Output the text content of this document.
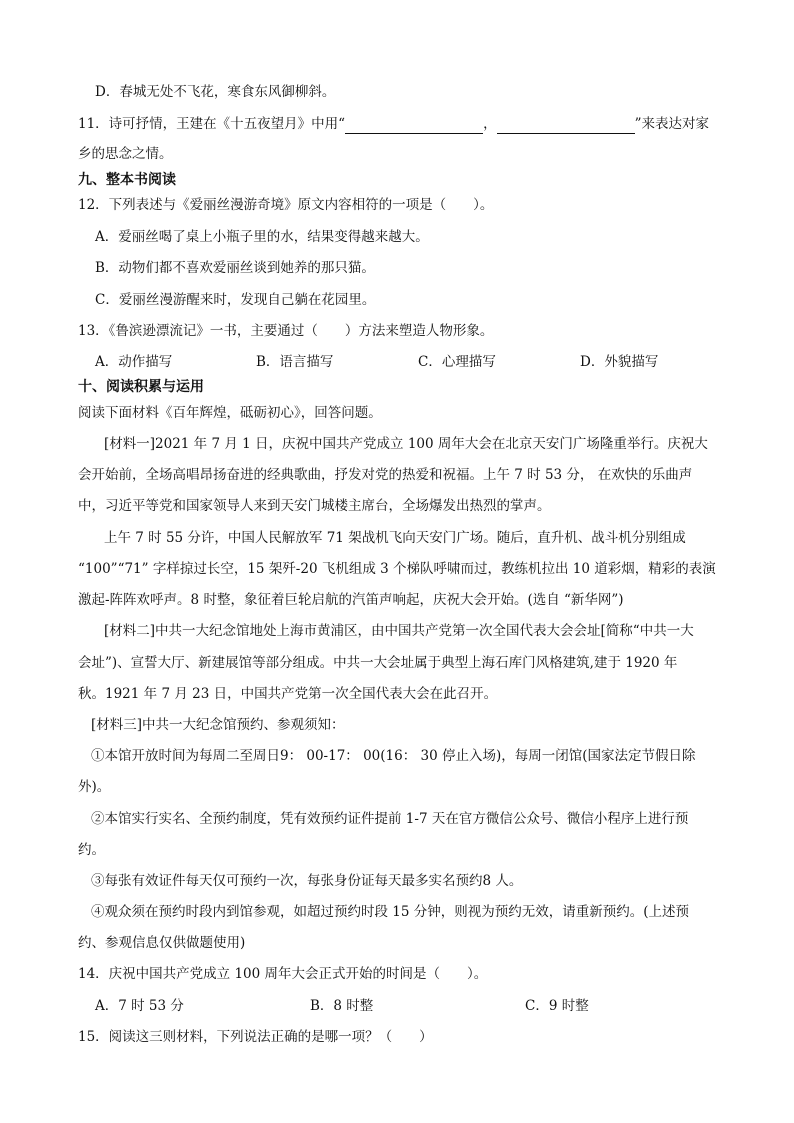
D．春城无处不飞花，寒食东风御柳斜。
11．诗可抒情，王建在《十五夜望月》中用“	，	”来表达对家
乡的思念之情。
九、整本书阅读
12．下列表述与《爱丽丝漫游奇境》原文内容相符的一项是（　　）。
A．爱丽丝喝了桌上小瓶子里的水，结果变得越来越大。
B．动物们都不喜欢爱丽丝谈到她养的那只猫。
C．爱丽丝漫游醒来时，发现自己躺在花园里。
13．《鲁滨逊漂流记》一书，主要通过（　　）方法来塑造人物形象。
A．动作描写	B．语言描写	C．心理描写	D．外貌描写
十、阅读积累与运用
阅读下面材料《百年辉煌，砥砺初心》，回答问题。
[材料一]2021 年 7 月 1 日，庆祝中国共产党成立 100 周年大会在北京天安门广场隆重举行。庆祝大
会开始前，全场高唱昂扬奋进的经典歌曲，抒发对党的热爱和祝福。上午 7 时 53 分， 在欢快的乐曲声
中，习近平等党和国家领导人来到天安门城楼主席台，全场爆发出热烈的掌声。
上午 7 时 55 分许，中国人民解放军 71 架战机飞向天安门广场。随后，直升机、战斗机分别组成
“100”“71” 字样掠过长空，15 架歼-20 飞机组成 3 个梯队呼啸而过，教练机拉出 10 道彩烟，精彩的表演
激起-阵阵欢呼声。8 时整，象征着巨轮启航的汽笛声响起，庆祝大会开始。(选自 “新华网”)
[材料二]中共一大纪念馆地处上海市黄浦区，由中国共产党第一次全国代表大会会址[简称“中共一大
会址”)、宣誓大厅、新建展馆等部分组成。中共一大会址属于典型上海石库门风格建筑,建于 1920 年
秋。1921 年 7 月 23 日，中国共产党第一次全国代表大会在此召开。
[材料三]中共一大纪念馆预约、参观须知：
①本馆开放时间为每周二至周日9： 00-17： 00(16： 30 停止入场)，每周一闭馆(国家法定节假日除
外)。
②本馆实行实名、全预约制度，凭有效预约证件提前 1-7 天在官方微信公众号、微信小程序上进行预
约。
③每张有效证件每天仅可预约一次，每张身份证每天最多实名预约8 人。
④观众须在预约时段内到馆参观，如超过预约时段 15 分钟，则视为预约无效，请重新预约。(上述预
约、参观信息仅供做题使用)
14．庆祝中国共产党成立 100 周年大会正式开始的时间是（　　）。
A．7 时 53 分	B．8 时整	C．9 时整
15．阅读这三则材料，下列说法正确的是哪一项？（　　）
